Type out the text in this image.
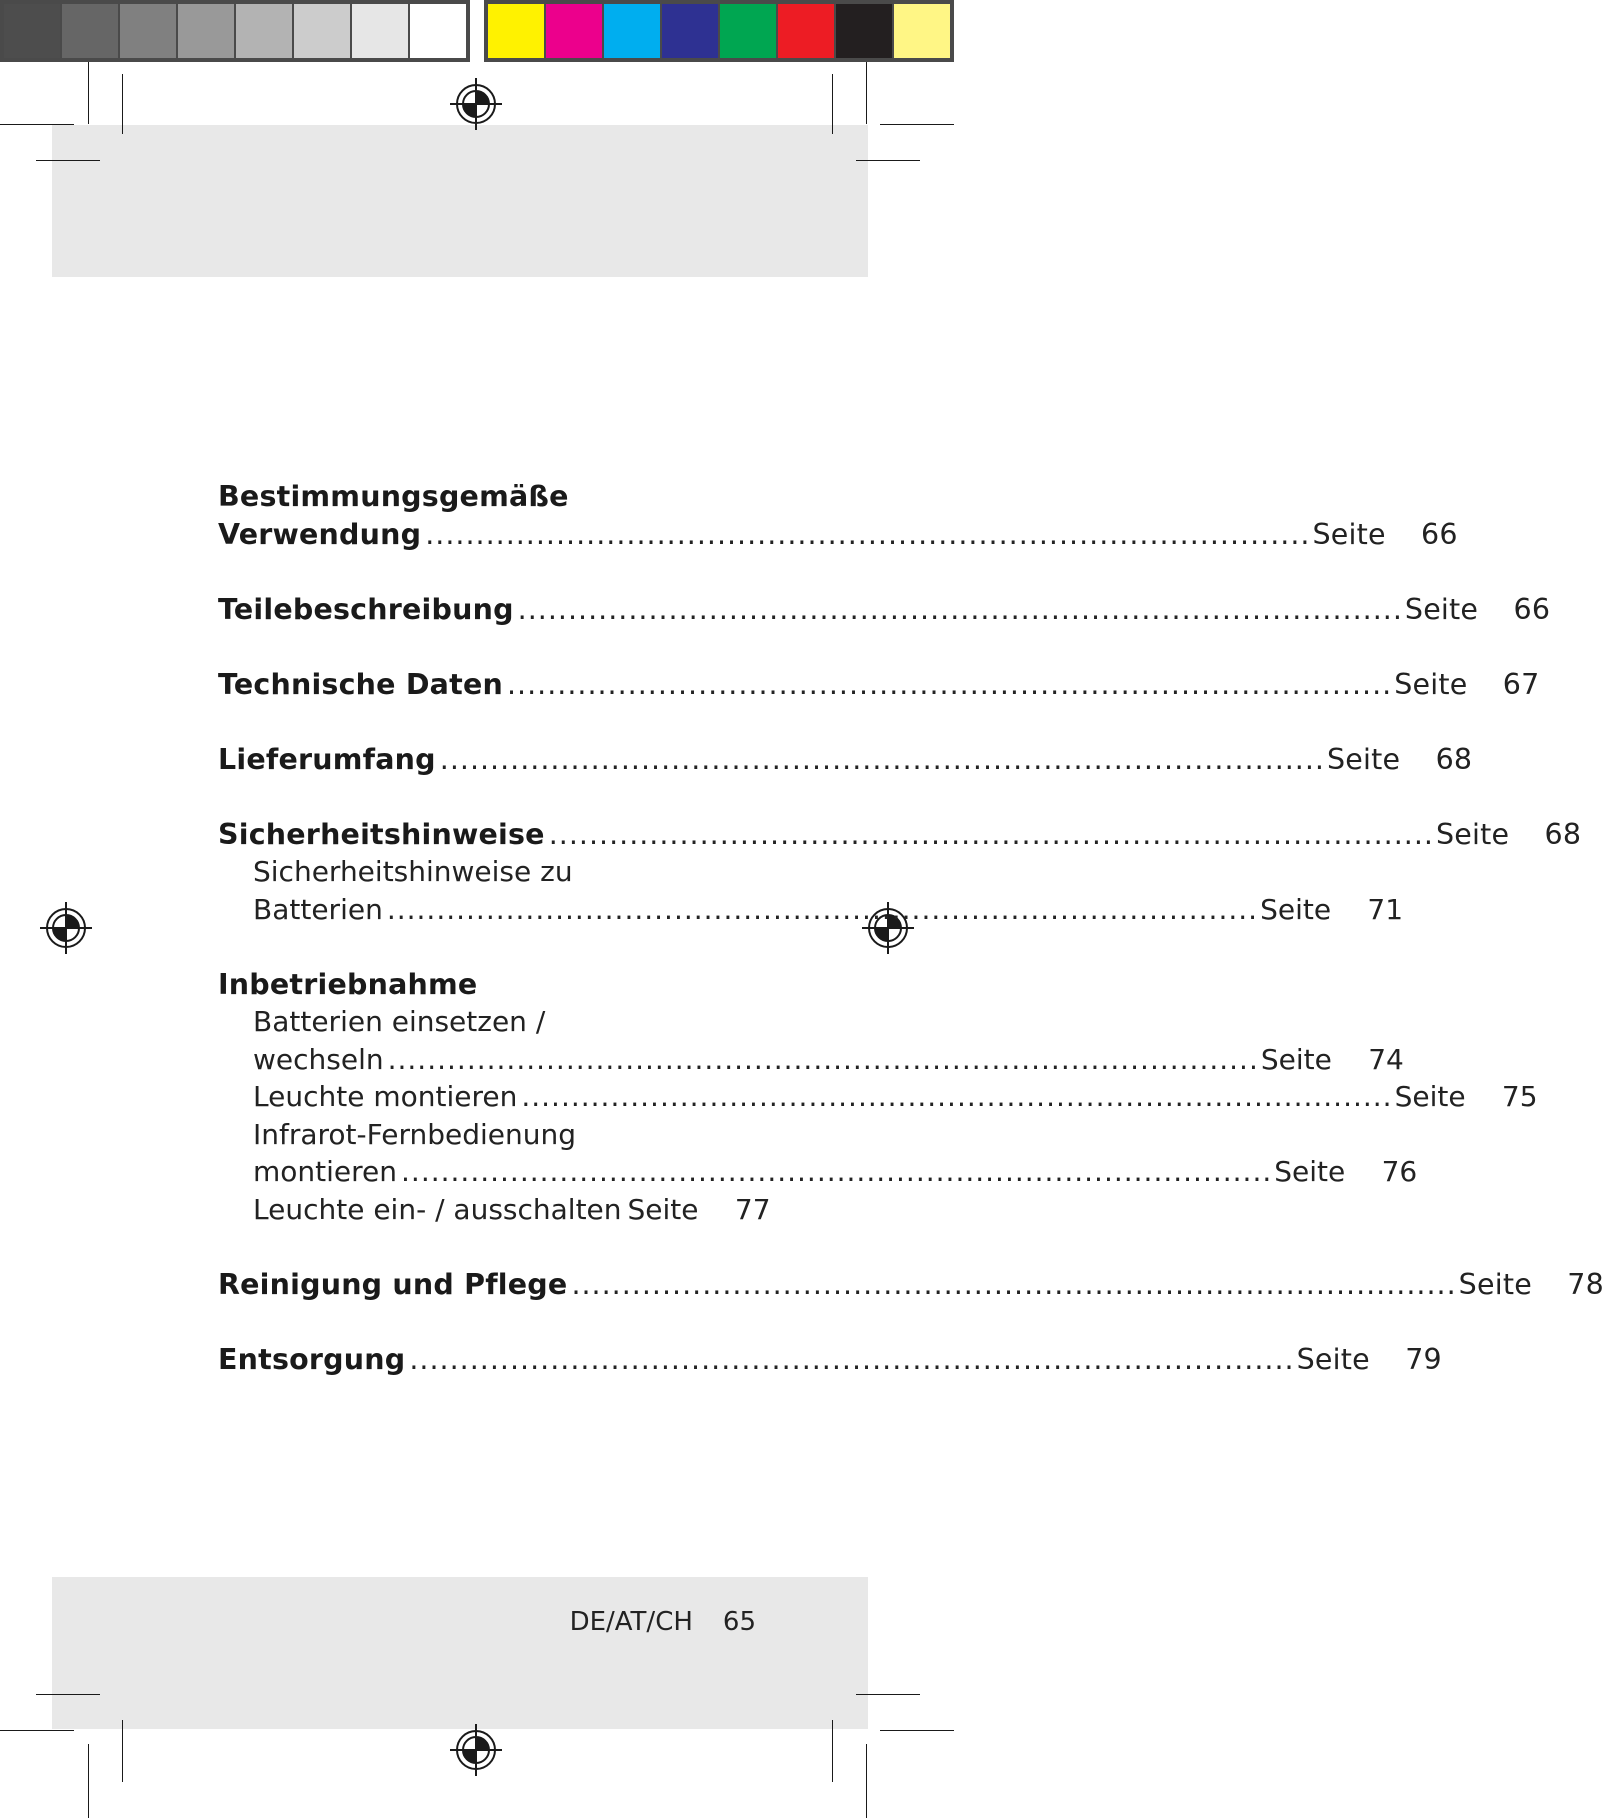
Bestimmungsgemäße
Verwendung ........................................................................................ Seite	66
Teilebeschreibung ........................................................................................ Seite	66
Technische Daten ........................................................................................ Seite	67
Lieferumfang ........................................................................................ Seite	68
Sicherheitshinweise ........................................................................................ Seite	68
Sicherheitshinweise zu
Batterien ........................................................................................ Seite	71
Inbetriebnahme
Batterien einsetzen /
wechseln ........................................................................................ Seite	74
Leuchte montieren ........................................................................................ Seite	75
Infrarot-Fernbedienung
montieren ........................................................................................ Seite	76
Leuchte ein- / ausschalten Seite	77
Reinigung und Pflege ........................................................................................ Seite	78
Entsorgung ........................................................................................ Seite	79
DE/AT/CH 65
